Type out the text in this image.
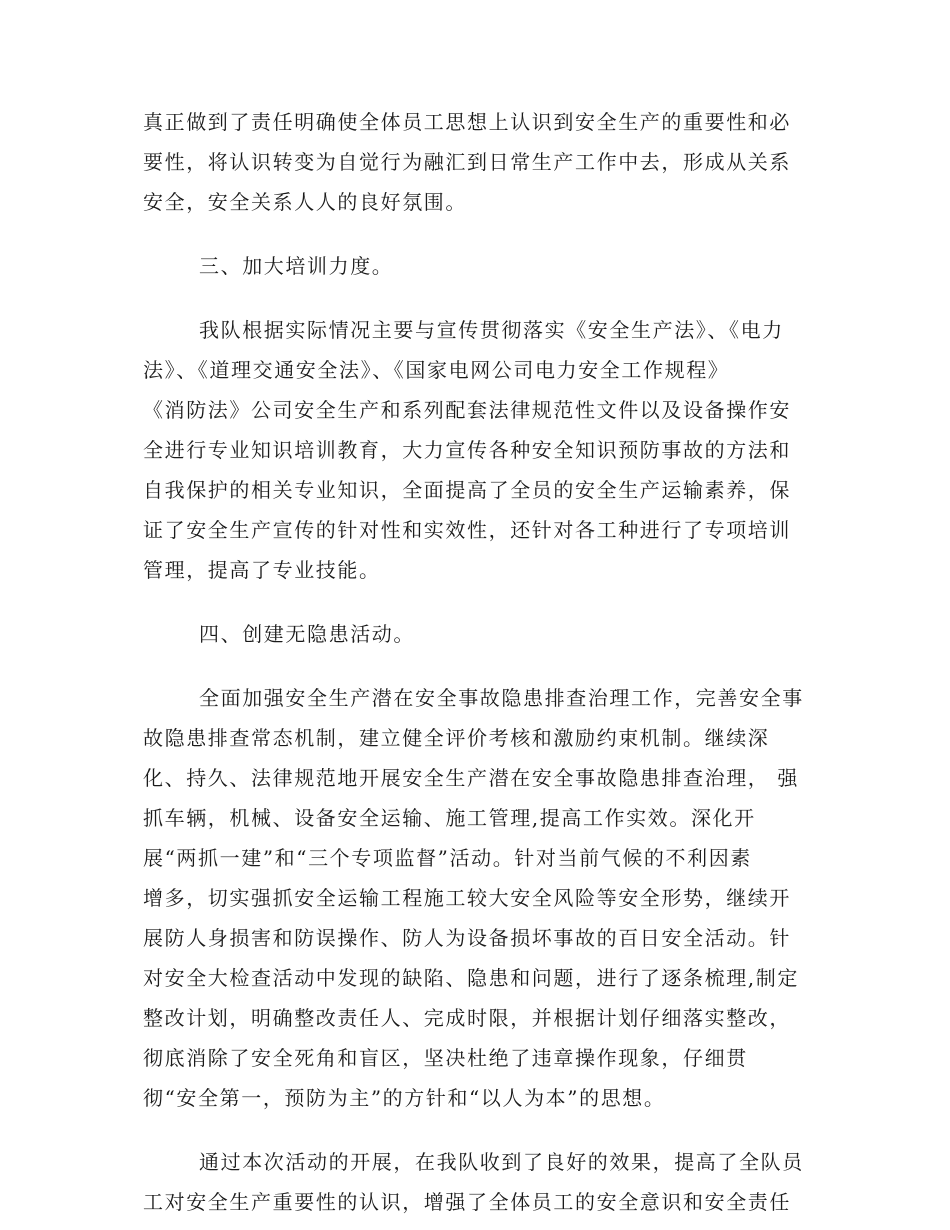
真正做到了责任明确使全体员工思想上认识到安全生产的重要性和必
要性，将认识转变为自觉行为融汇到日常生产工作中去，形成从关系
安全，安全关系人人的良好氛围。
三、加大培训力度。
我队根据实际情况主要与宣传贯彻落实《安全生产法》、《电力
法》、《道理交通安全法》、《国家电网公司电力安全工作规程》
《消防法》公司安全生产和系列配套法律规范性文件以及设备操作安
全进行专业知识培训教育，大力宣传各种安全知识预防事故的方法和
自我保护的相关专业知识，全面提高了全员的安全生产运输素养，保
证了安全生产宣传的针对性和实效性，还针对各工种进行了专项培训
管理，提高了专业技能。
四、创建无隐患活动。
全面加强安全生产潜在安全事故隐患排查治理工作，完善安全事
故隐患排查常态机制，建立健全评价考核和激励约束机制。继续深
化、持久、法律规范地开展安全生产潜在安全事故隐患排查治理， 强
抓车辆，机械、设备安全运输、施工管理,提高工作实效。深化开
展“两抓一建”和“三个专项监督”活动。针对当前气候的不利因素
增多，切实强抓安全运输工程施工较大安全风险等安全形势，继续开
展防人身损害和防误操作、防人为设备损坏事故的百日安全活动。针
对安全大检查活动中发现的缺陷、隐患和问题，进行了逐条梳理,制定
整改计划，明确整改责任人、完成时限，并根据计划仔细落实整改，
彻底消除了安全死角和盲区，坚决杜绝了违章操作现象，仔细贯
彻“安全第一，预防为主”的方针和“以人为本”的思想。
通过本次活动的开展，在我队收到了良好的效果，提高了全队员
工对安全生产重要性的认识，增强了全体员工的安全意识和安全责任
